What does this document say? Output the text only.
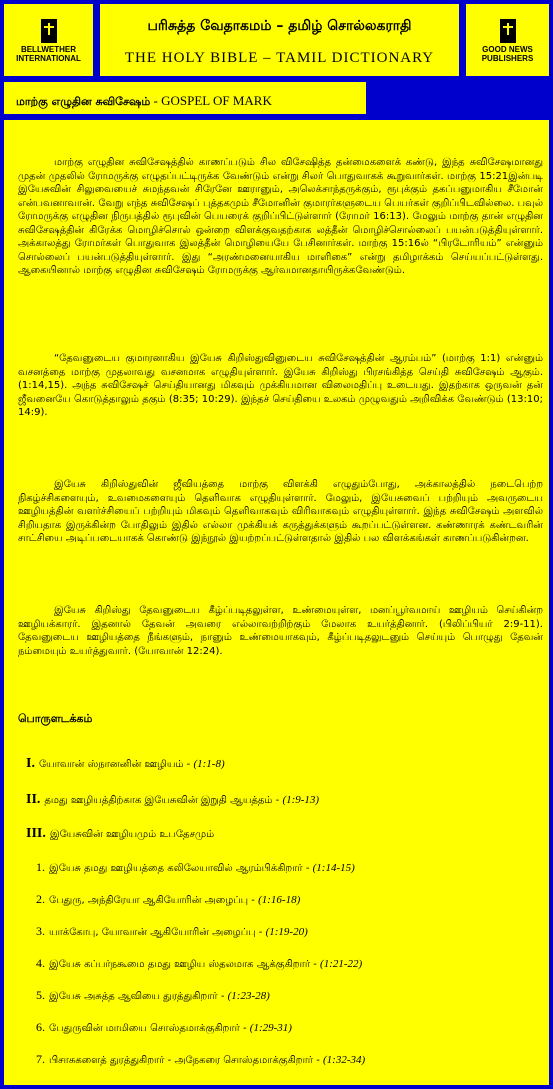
BELLWETHER
INTERNATIONAL
பரிசுத்த வேதாகமம் – தமிழ் சொல்லகராதி
THE HOLY BIBLE – TAMIL DICTIONARY
GOOD NEWS
PUBLISHERS
மாற்கு எழுதின சுவிசேஷம் - GOSPEL OF MARK

மாற்கு எழுதின சுவிசேஷத்தில் காணப்படும் சில விசேஷித்த தன்மைகளைக் கண்டு, இந்த சுவிசேஷமானது முதன் முதலில் ரோமருக்கு எழுதப்பட்டிருக்க வேண்டும் என்று சிலர் பொதுவாகக் கூறுவார்கள். மாற்கு 15:21இன்படி இயேசுவின் சிலுவையைச் சுமந்தவன் சிரேனே ஊரானும், அலெக்சாந்தருக்கும், ரூபுக்கும் தகப்பனுமாகிய சீமோன் என்பவனாவான். வேறு எந்த சுவிசேஷப் புத்தகமும் சீமோனின் குமாரர்களுடைய பெயர்கள் குறிப்பிடவில்லை. பவுல் ரோமருக்கு எழுதின நிருபத்தில் ரூபுவின் பெயரைக் குறிப்பிட்டுள்ளார் (ரோமர் 16:13). மேலும் மாற்கு தான் எழுதின சுவிசேஷத்தின் கிரேக்க மொழிச்சொல் ஒன்றை விளக்குவதற்காக லத்தீன் மொழிச்சொல்லைப் பயன்படுத்தியுள்ளார். அக்காலத்து ரோமர்கள் பொதுவாக இலத்தீன் மொழியையே பேசினார்கள். மாற்கு 15:16ல் “பிரடோரியம்” என்னும் சொல்லைப் பயன்படுத்தியுள்ளார். இது “அரண்மனையாகிய மாளிகை” என்று தமிழாக்கம் செய்யப்பட்டுள்ளது. ஆகையினால் மாற்கு எழுதின சுவிசேஷம் ரோமருக்கு ஆர்வமானதாயிருக்கவேண்டும்.

“தேவனுடைய குமாரனாகிய இயேசு கிறிஸ்துவினுடைய சுவிசேஷத்தின் ஆரம்பம்” (மாற்கு 1:1) என்னும் வசனத்தை மாற்கு முதலாவது வசனமாக எழுதியுள்ளார். இயேசு கிறிஸ்து பிரசங்கித்த செய்தி சுவிசேஷம் ஆகும். (1:14,15). அந்த சுவிசேஷச் செய்தியானது மிகவும் முக்கியமான விலைமதிப்பு உடையது. இதற்காக ஒருவன் தன் ஜீவனையே கொடுத்தாலும் தகும் (8:35; 10:29). இந்தச் செய்தியை உலகம் முழுவதும் அறிவிக்க வேண்டும் (13:10; 14:9).

இயேசு கிறிஸ்துவின் ஜீவியத்தை மாற்கு விளக்கி எழுதும்போது, அக்காலத்தில் நடைபெற்ற நிகழ்ச்சிகளையும், உவமைகளையும் தெளிவாக எழுதியுள்ளார். மேலும், இயேசுவைப் பற்றியும் அவருடைய ஊழியத்தின் வளர்ச்சியைப் பற்றியும் மிகவும் தெளிவாகவும் விரிவாகவும் எழுதியுள்ளார். இந்த சுவிசேஷம் அளவில் சிறியதாக இருக்கின்ற போதிலும் இதில் எல்லா முக்கியக் கருத்துக்களும் கூறப்பட்டுள்ளன. கண்ணாரக் கண்டவரின் சாட்சியை அடிப்படையாகக் கொண்டு இந்நூல் இயற்றப்பட்டுள்ளதால் இதில் பல விளக்கங்கள் காணப்படுகின்றன.

இயேசு கிறிஸ்து தேவனுடைய கீழ்ப்படிதலுள்ள, உண்மையுள்ள, மனப்பூர்வமாய் ஊழியம் செய்கின்ற ஊழியக்காரர். இதனால் தேவன் அவரை எல்லாவற்றிற்கும் மேலாக உயர்த்தினார். (பிலிப்பியர் 2:9-11). தேவனுடைய ஊழியத்தை நீங்களும், நானும் உண்மையாகவும், கீழ்ப்படிதலுடனும் செய்யும் பொழுது தேவன் நம்மையும் உயர்த்துவார். (யோவான் 12:24).

பொருளடக்கம்
I. யோவான் ஸ்நானனின் ஊழியம் - (1:1-8)
II. தமது ஊழியத்திற்காக இயேசுவின் இறுதி ஆயத்தம் - (1:9-13)
III. இயேசுவின் ஊழியமும் உபதேசமும்
1. இயேசு தமது ஊழியத்தை கலிலேயாவில் ஆரம்பிக்கிறார் - (1:14-15)
2. பேதுரு, அந்திரேயா ஆகியோரின் அழைப்பு - (1:16-18)
3. யாக்கோபு, யோவான் ஆகியோரின் அழைப்பு - (1:19-20)
4. இயேசு கப்பர்நகூமை தமது ஊழிய ஸ்தலமாக ஆக்குகிறார் - (1:21-22)
5. இயேசு அசுத்த ஆவியை துரத்துகிறார் - (1:23-28)
6. பேதுருவின் மாமியை சொஸ்தமாக்குகிறார் - (1:29-31)
7. பிசாசுகளைத் துரத்துகிறார் - அநேகரை சொஸ்தமாக்குகிறார் - (1:32-34)
